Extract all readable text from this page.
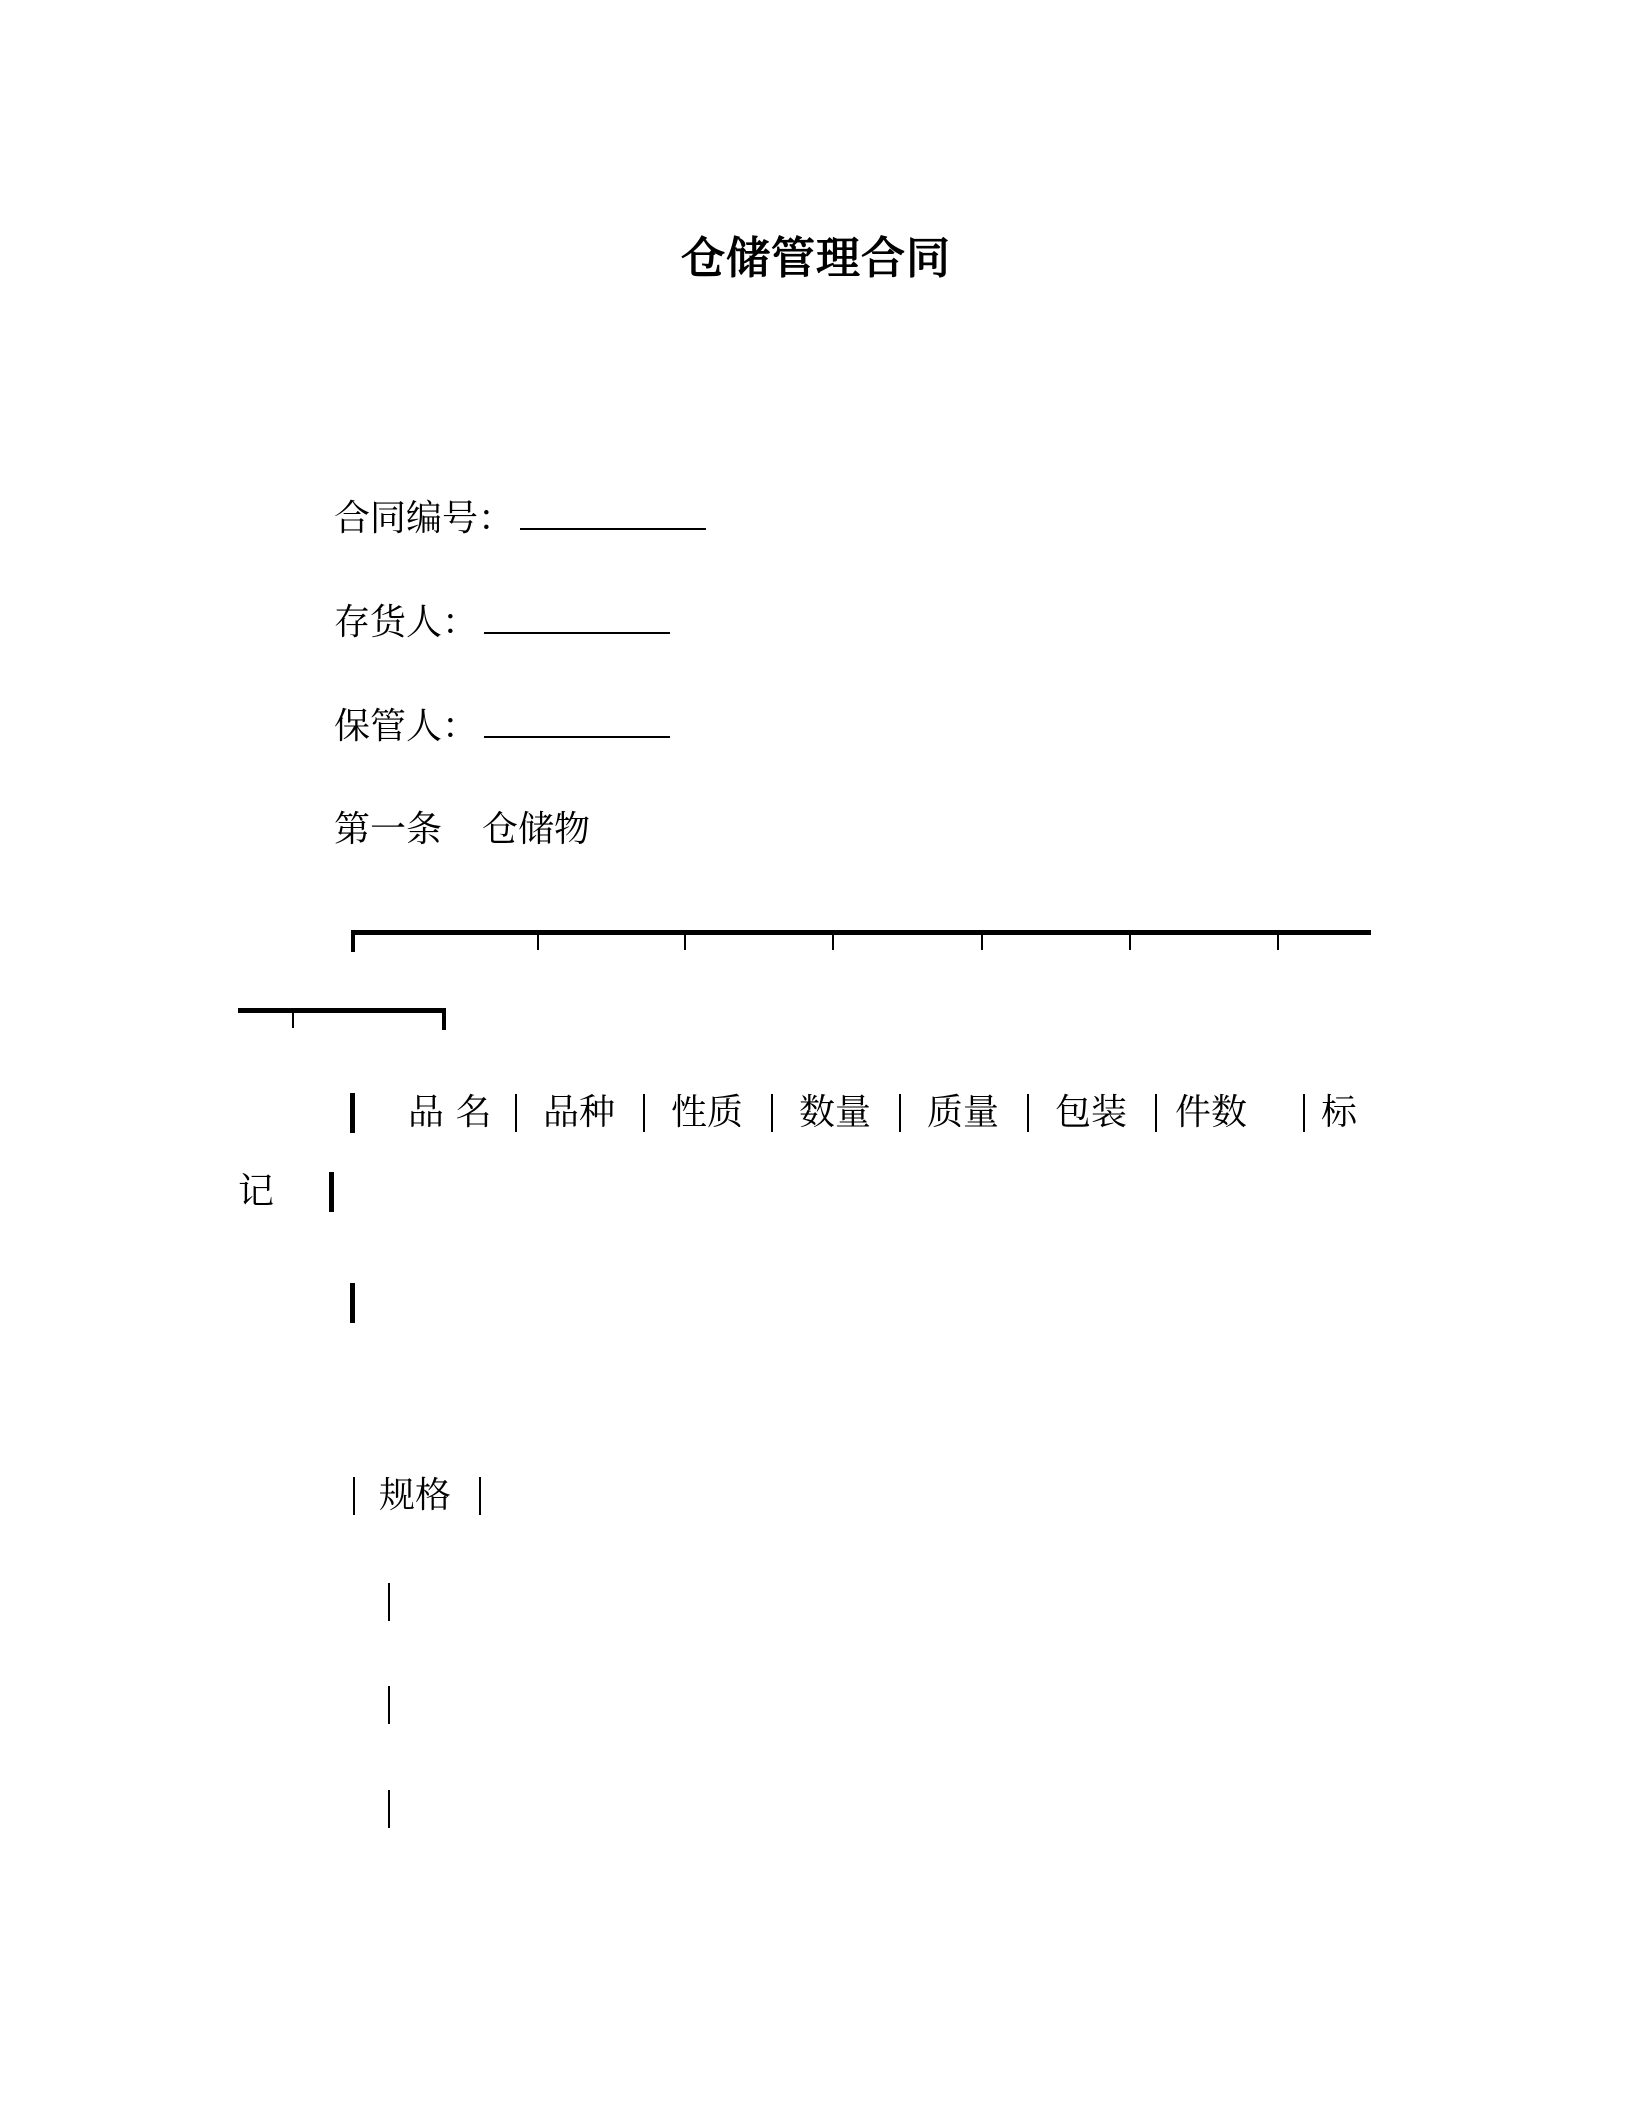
仓储管理合同
合同编号：
存货人：
保管人：
第一条 仓储物
品 名 品种 性质 数量 质量 包装 件数 标
记
规格
